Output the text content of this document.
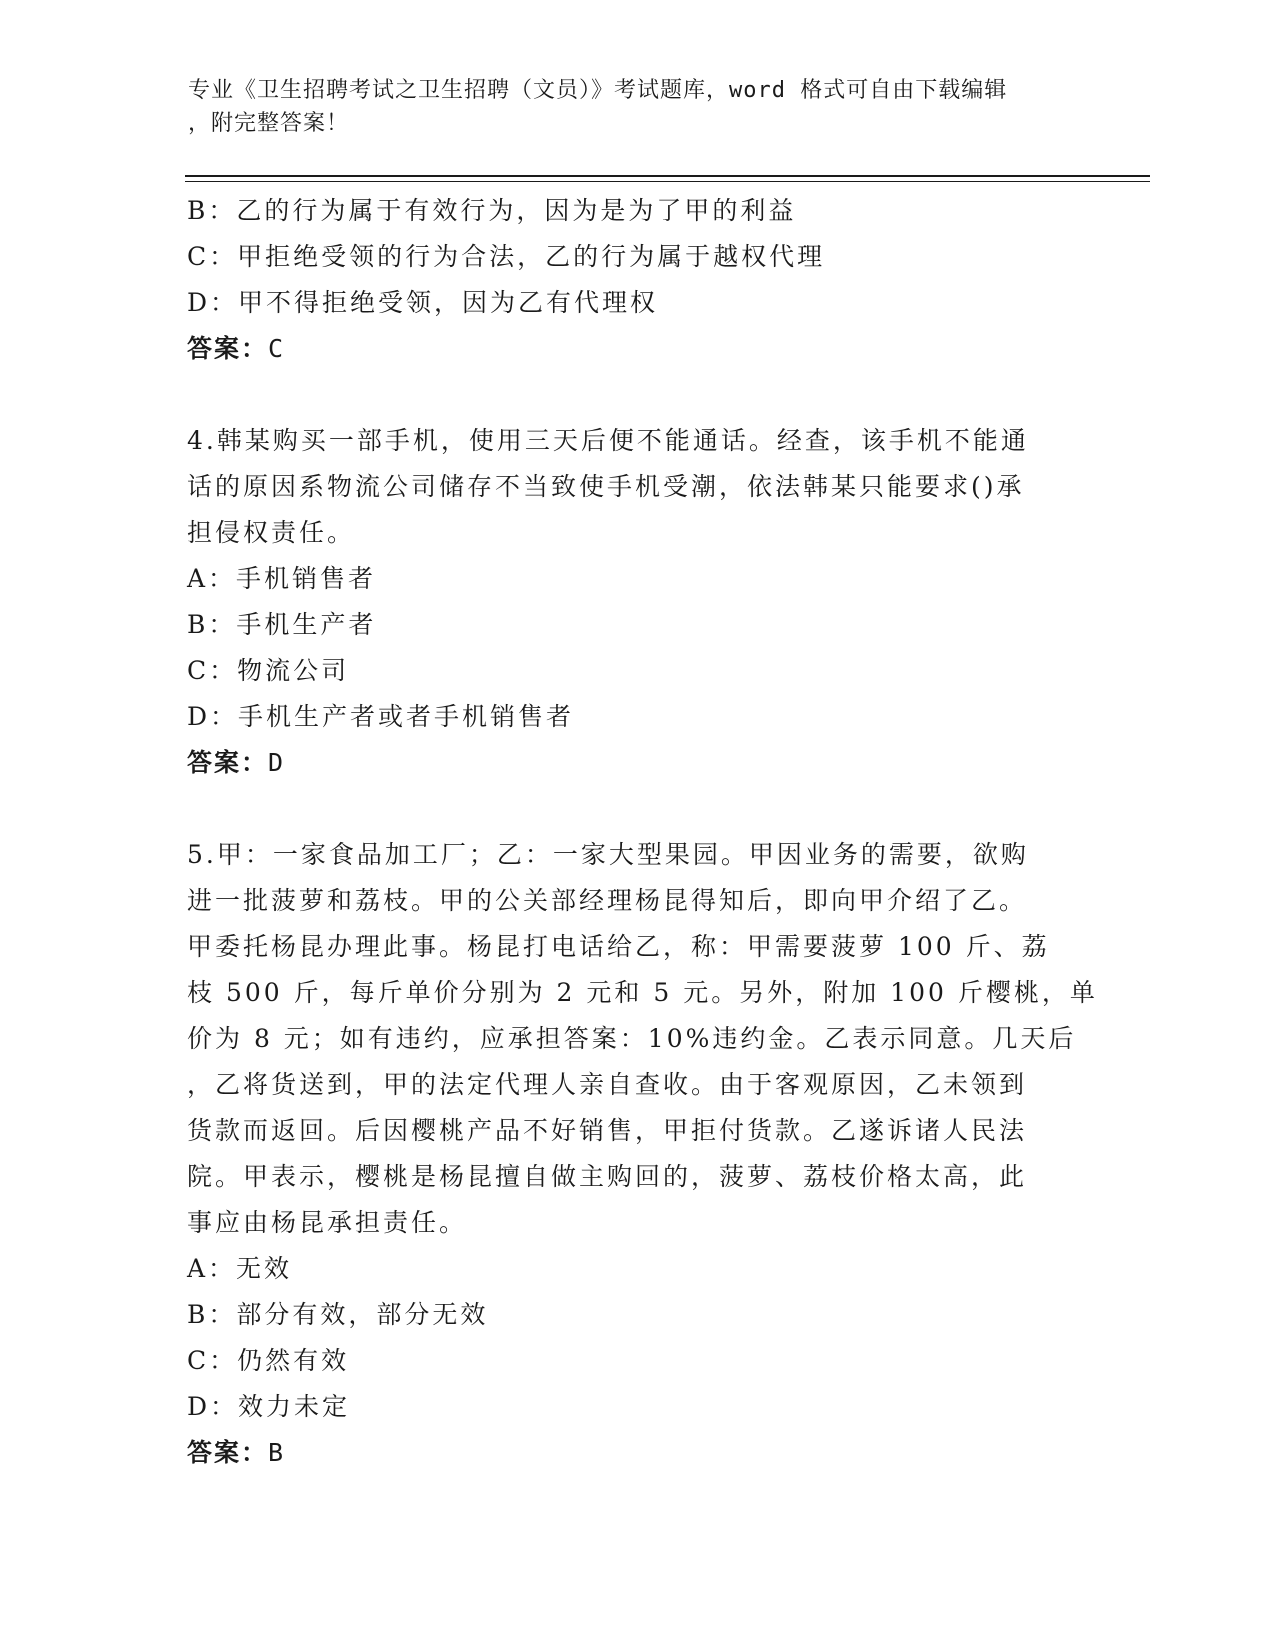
专业《卫生招聘考试之卫生招聘（文员）》考试题库，word 格式可自由下载编辑
，附完整答案！
B：乙的行为属于有效行为，因为是为了甲的利益
C：甲拒绝受领的行为合法，乙的行为属于越权代理
D：甲不得拒绝受领，因为乙有代理权
答案：C
4.韩某购买一部手机，使用三天后便不能通话。经查，该手机不能通
话的原因系物流公司储存不当致使手机受潮，依法韩某只能要求()承
担侵权责任。
A：手机销售者
B：手机生产者
C：物流公司
D：手机生产者或者手机销售者
答案：D
5.甲：一家食品加工厂；乙：一家大型果园。甲因业务的需要，欲购
进一批菠萝和荔枝。甲的公关部经理杨昆得知后，即向甲介绍了乙。
甲委托杨昆办理此事。杨昆打电话给乙，称：甲需要菠萝 100 斤、荔
枝 500 斤，每斤单价分别为 2 元和 5 元。另外，附加 100 斤樱桃，单
价为 8 元；如有违约，应承担答案：10%违约金。乙表示同意。几天后
，乙将货送到，甲的法定代理人亲自查收。由于客观原因，乙未领到
货款而返回。后因樱桃产品不好销售，甲拒付货款。乙遂诉诸人民法
院。甲表示，樱桃是杨昆擅自做主购回的，菠萝、荔枝价格太高，此
事应由杨昆承担责任。
A：无效
B：部分有效，部分无效
C：仍然有效
D：效力未定
答案：B
